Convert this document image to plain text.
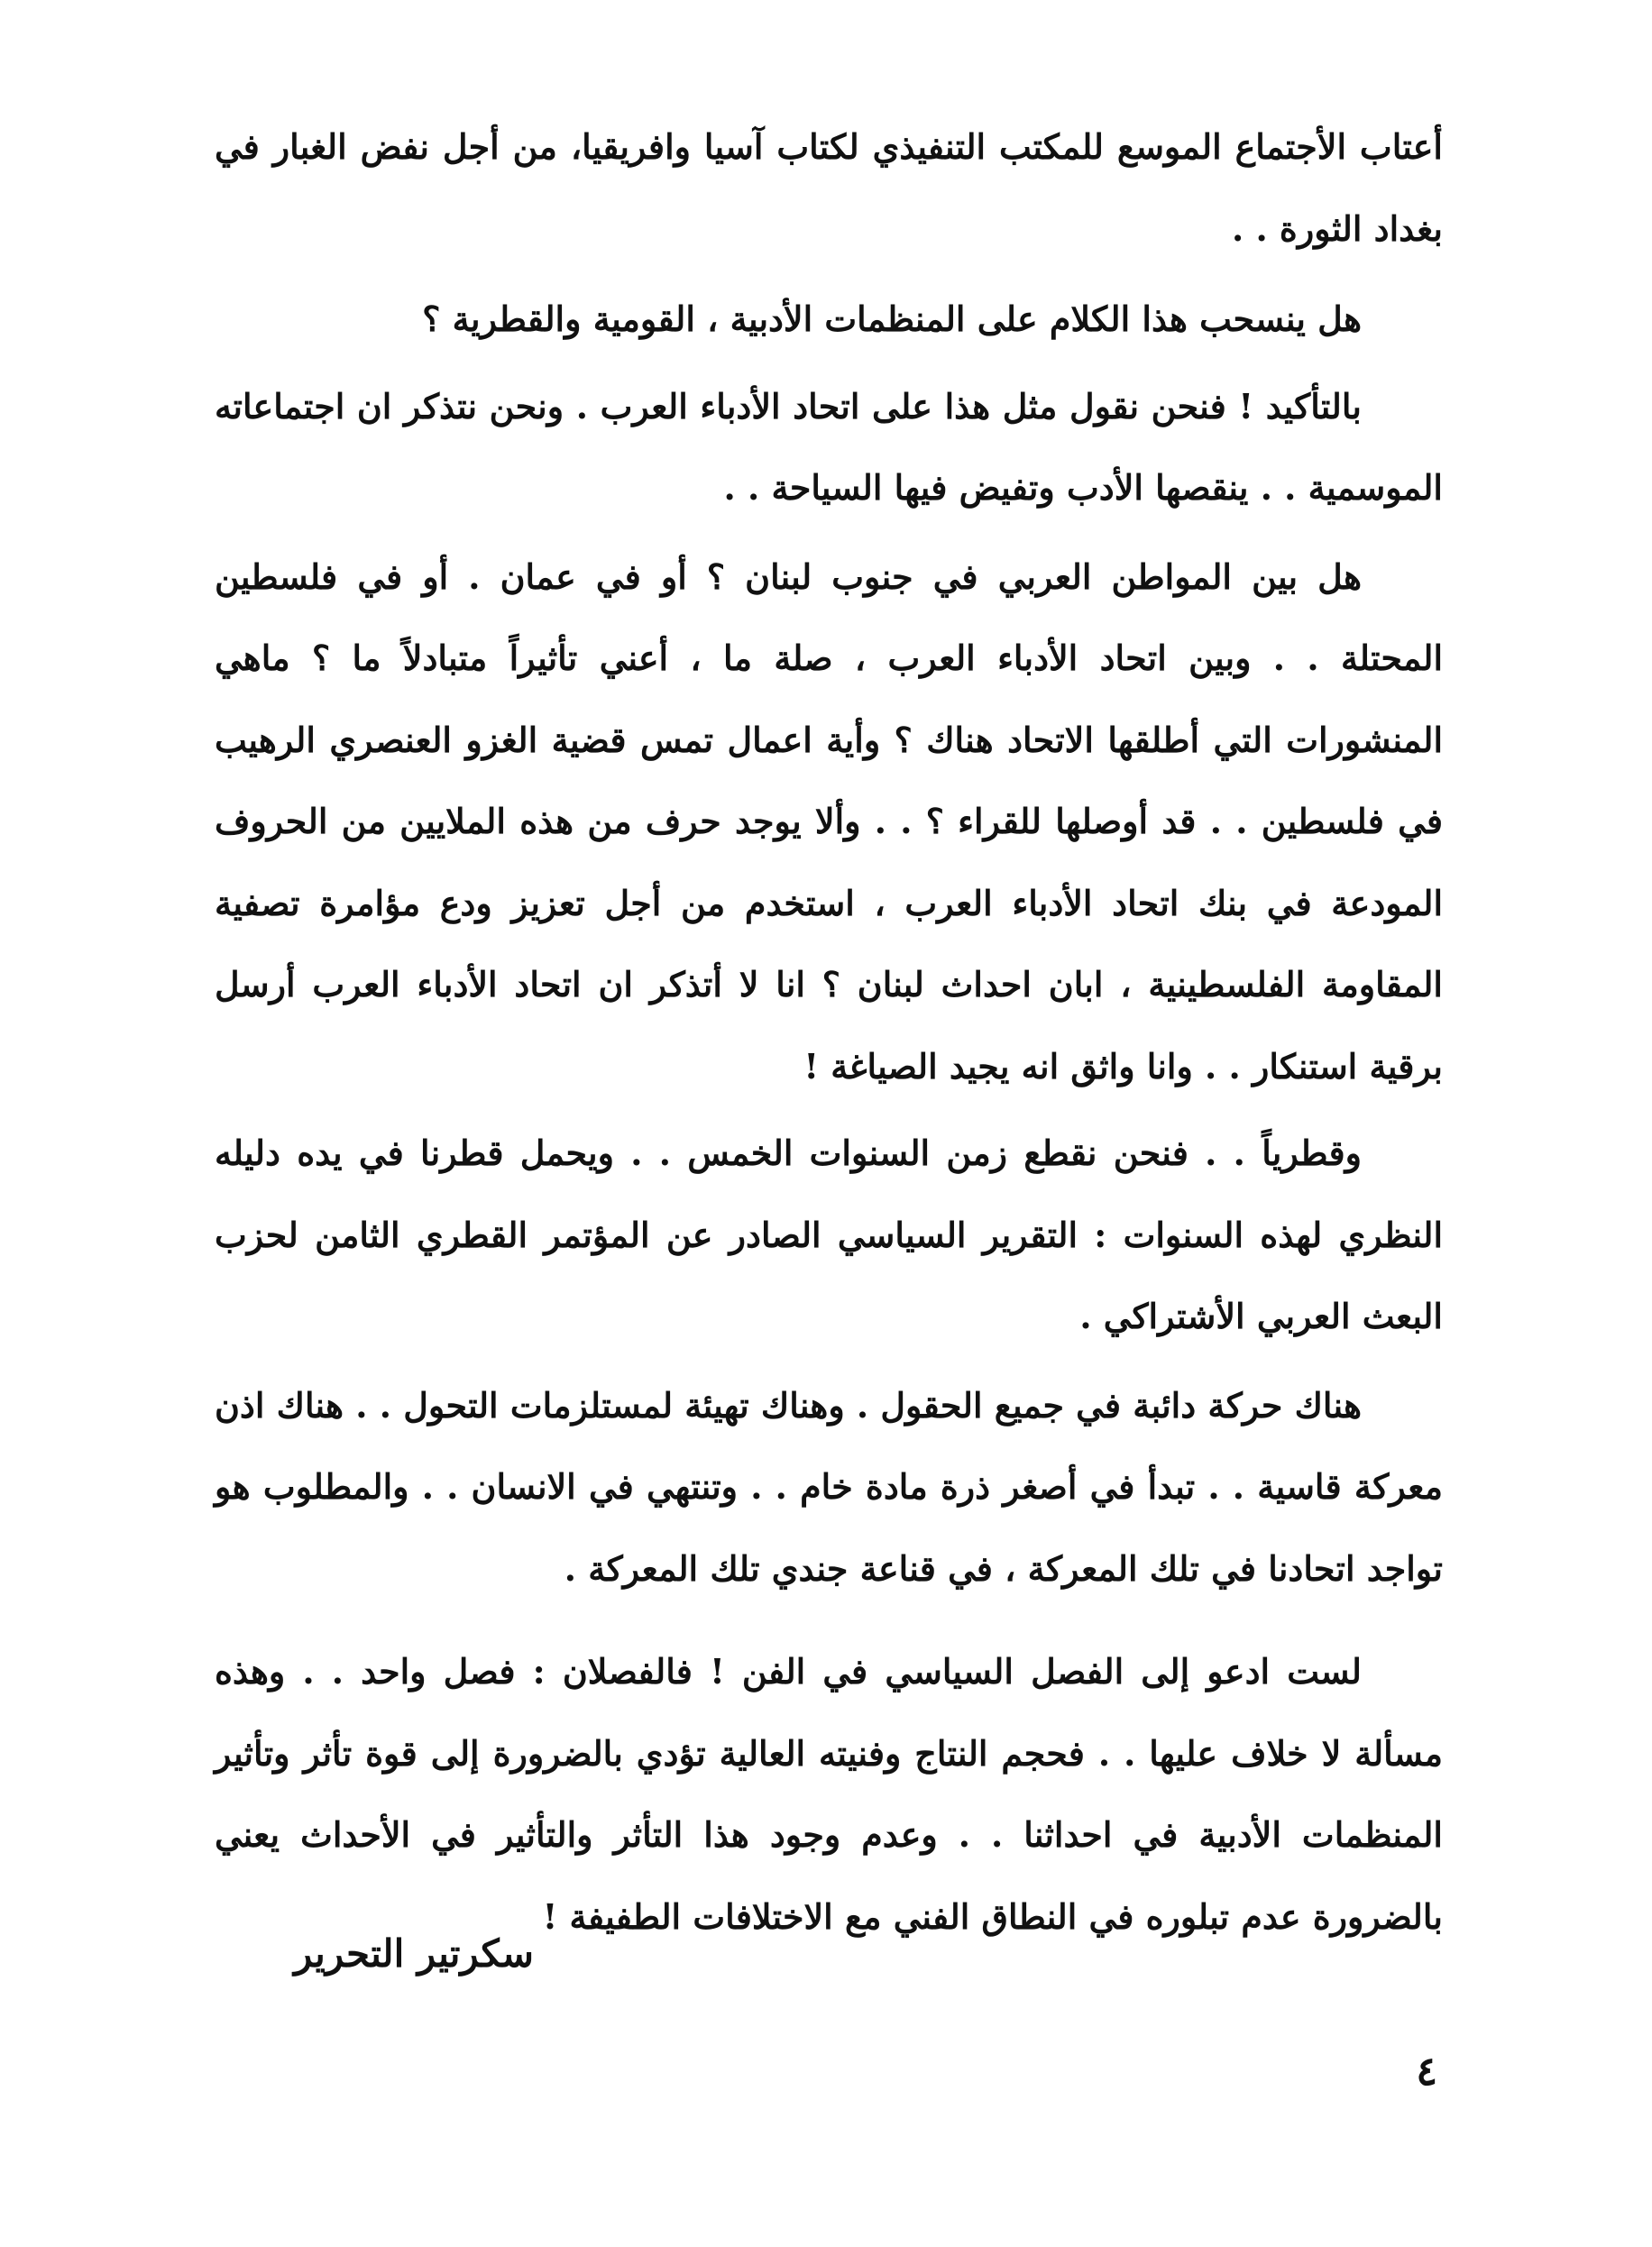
أعتاب الأجتماع الموسع للمكتب التنفيذي لكتاب آسيا وافريقيا، من أجل نفض الغبار في بغداد الثورة . .

هل ينسحب هذا الكلام على المنظمات الأدبية ، القومية والقطرية ؟

بالتأكيد ! فنحن نقول مثل هذا على اتحاد الأدباء العرب . ونحن نتذكر ان اجتماعاته الموسمية . . ينقصها الأدب وتفيض فيها السياحة . .

هل بين المواطن العربي في جنوب لبنان ؟ أو في عمان . أو في فلسطين المحتلة . . وبين اتحاد الأدباء العرب ، صلة ما ، أعني تأثيراً متبادلاً ما ؟ ماهي المنشورات التي أطلقها الاتحاد هناك ؟ وأية اعمال تمس قضية الغزو العنصري الرهيب في فلسطين . . قد أوصلها للقراء ؟ . . وألا يوجد حرف من هذه الملايين من الحروف المودعة في بنك اتحاد الأدباء العرب ، استخدم من أجل تعزيز ودع مؤامرة تصفية المقاومة الفلسطينية ، ابان احداث لبنان ؟ انا لا أتذكر ان اتحاد الأدباء العرب أرسل برقية استنكار . . وانا واثق انه يجيد الصياغة !

وقطرياً . . فنحن نقطع زمن السنوات الخمس . . ويحمل قطرنا في يده دليله النظري لهذه السنوات : التقرير السياسي الصادر عن المؤتمر القطري الثامن لحزب البعث العربي الأشتراكي .

هناك حركة دائبة في جميع الحقول . وهناك تهيئة لمستلزمات التحول . . هناك اذن معركة قاسية . . تبدأ في أصغر ذرة مادة خام . . وتنتهي في الانسان . . والمطلوب هو تواجد اتحادنا في تلك المعركة ، في قناعة جندي تلك المعركة .

لست ادعو إلى الفصل السياسي في الفن ! فالفصلان : فصل واحد . . وهذه مسألة لا خلاف عليها . . فحجم النتاج وفنيته العالية تؤدي بالضرورة إلى قوة تأثر وتأثير المنظمات الأدبية في احداثنا . . وعدم وجود هذا التأثر والتأثير في الأحداث يعني بالضرورة عدم تبلوره في النطاق الفني مع الاختلافات الطفيفة !

سكرتير التحرير
٤
